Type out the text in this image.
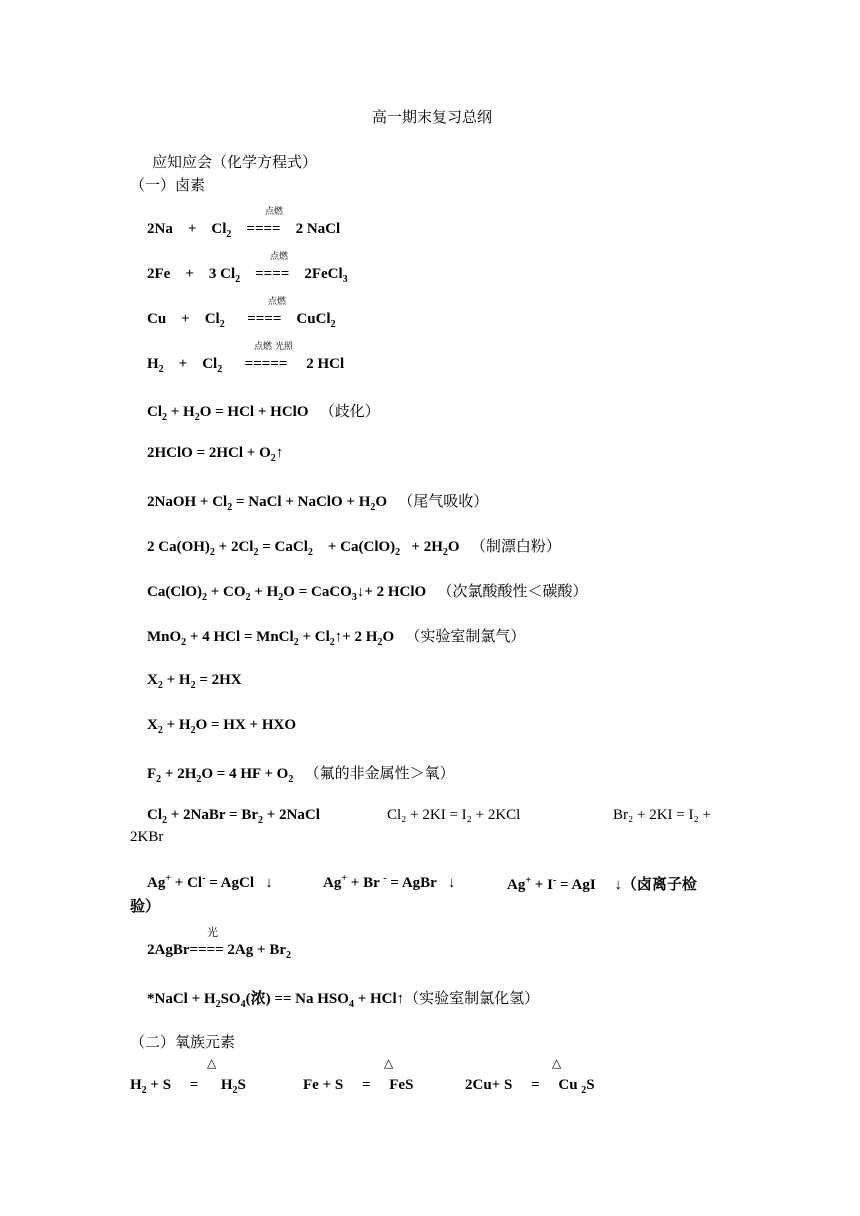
高一期末复习总纲
应知应会（化学方程式）
（一）卤素
点燃
2Na    +    $Cl_2$    ====    2 NaCl
点燃
2Fe    +    3 $Cl_2$    ====    2FeCl$_3$
点燃
Cu    +    $Cl_2$      ====    CuCl$_2$
点燃 光照
$H_2$    +    $Cl_2$      =====     2 HCl
$Cl_2 + H_2O$ = HCl + HClO   （歧化）
2HClO = $2HCl + O_2↑$
2NaOH + $Cl_2$ = NaCl + NaClO + $H_2O$   （尾气吸收）
2 $Ca(OH)_2 + 2Cl_2$ = CaCl$_2$    + $Ca(ClO)_2 + 2H_2O$   （制漂白粉）
$Ca(ClO)_2 + CO_2 + H_2O$ = CaCO$_3$↓+ 2 HClO   （次氯酸酸性＜碳酸）
MnO$_2$ + 4 HCl = MnCl$_2$ + $Cl_2↑+ 2$ $H_2O$   （实验室制氯气）
$X_2 + H_2 = 2HX$
$X_2 + H_2O$ = HX + HXO
$F_2 + 2H_2O = 4$ HF + $O_2$ （氟的非金属性＞氧）
$Cl_2$ + 2NaBr = $Br_2$ + 2NaCl	Cl₂ + 2KI = I₂ + 2KCl	Br₂ + 2KI = I₂ +
2KBr
Ag+ + Cl- = AgCl   ↓	Ag+ + Br - = AgBr   ↓	Ag+ + I- = AgI     ↓（卤离子检
验）
光
2AgBr==== $2Ag + Br_2$
*NaCl + $H_2SO_4$(浓) == Na $HSO_4$ + HCl↑（实验室制氯化氢）
（二）氧族元素
△	△	△
$H_2 + S$     =      $H_2S$	Fe + S     =     FeS	2Cu+ S     =     Cu $_2$S
